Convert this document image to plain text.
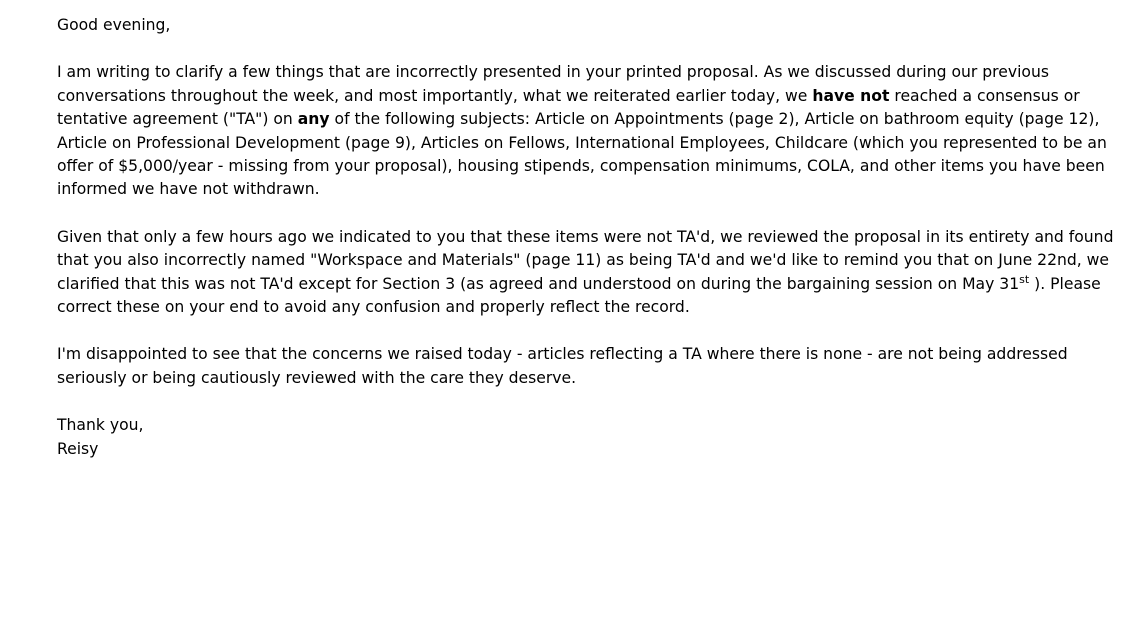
Good evening,

I am writing to clarify a few things that are incorrectly presented in your printed proposal. As we discussed during our previous conversations throughout the week, and most importantly, what we reiterated earlier today, we have not reached a consensus or tentative agreement ("TA") on any of the following subjects: Article on Appointments (page 2), Article on bathroom equity (page 12), Article on Professional Development (page 9), Articles on Fellows, International Employees, Childcare (which you represented to be an offer of $5,000/year - missing from your proposal), housing stipends, compensation minimums, COLA, and other items you have been informed we have not withdrawn.

Given that only a few hours ago we indicated to you that these items were not TA'd, we reviewed the proposal in its entirety and found that you also incorrectly named "Workspace and Materials" (page 11) as being TA'd and we'd like to remind you that on June 22nd, we clarified that this was not TA'd except for Section 3 (as agreed and understood on during the bargaining session on May 31st ). Please correct these on your end to avoid any confusion and properly reflect the record.

I'm disappointed to see that the concerns we raised today - articles reflecting a TA where there is none - are not being addressed seriously or being cautiously reviewed with the care they deserve.

Thank you,
Reisy
